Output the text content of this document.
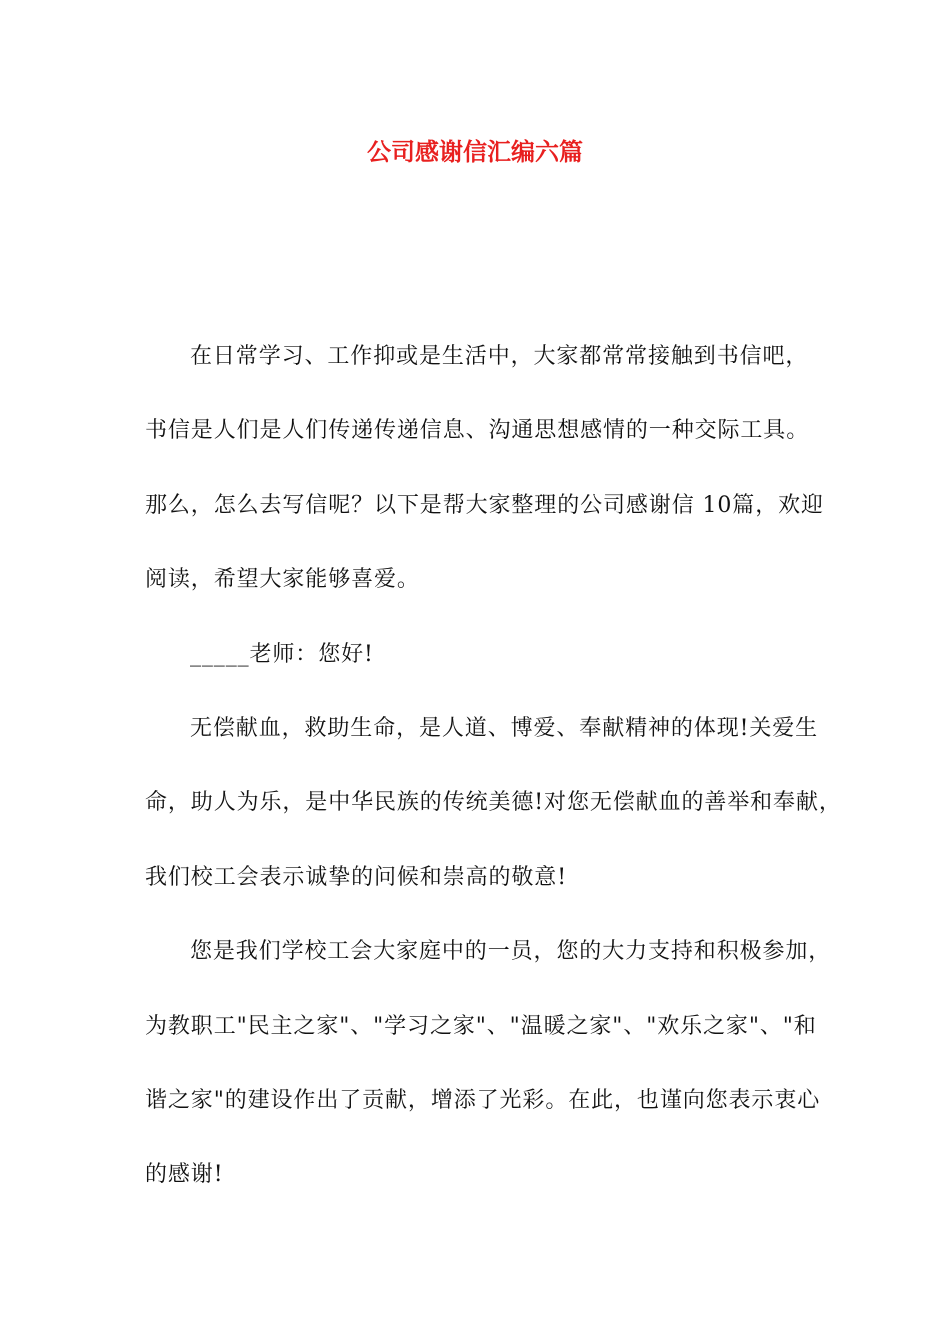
公司感谢信汇编六篇
在日常学习、工作抑或是生活中，大家都常常接触到书信吧，
书信是人们是人们传递传递信息、沟通思想感情的一种交际工具。
那么，怎么去写信呢？以下是帮大家整理的公司感谢信 10篇，欢迎
阅读，希望大家能够喜爱。
_____老师：您好!
无偿献血，救助生命，是人道、博爱、奉献精神的体现!关爱生
命，助人为乐，是中华民族的传统美德!对您无偿献血的善举和奉献，
我们校工会表示诚挚的问候和崇高的敬意!
您是我们学校工会大家庭中的一员，您的大力支持和积极参加，
为教职工"民主之家"、"学习之家"、"温暖之家"、"欢乐之家"、"和
谐之家"的建设作出了贡献，增添了光彩。在此，也谨向您表示衷心
的感谢!
